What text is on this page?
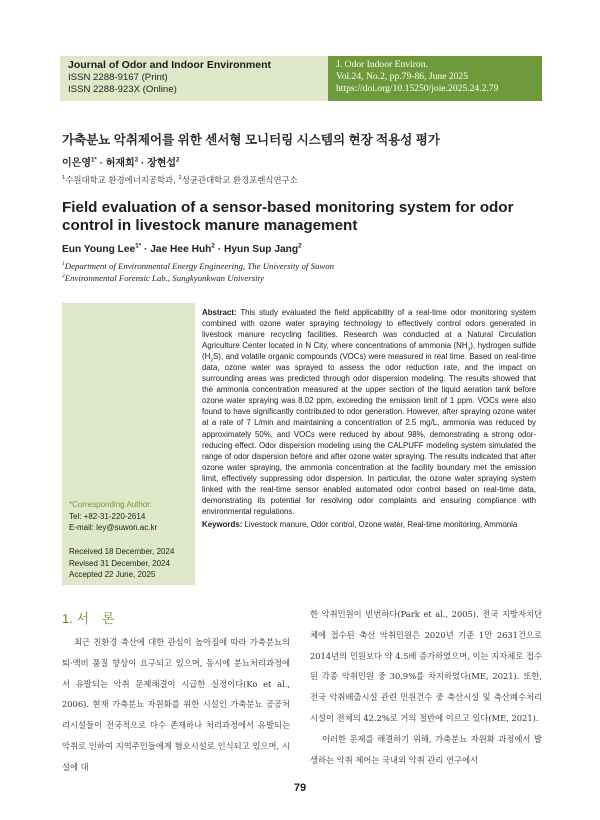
Journal of Odor and Indoor Environment
ISSN 2288-9167 (Print)
ISSN 2288-923X (Online)
J. Odor Indoor Environ.
Vol.24, No.2, pp.79-86, June 2025
https://doi.org/10.15250/joie.2025.24.2.79
가축분뇨 악취제어를 위한 센서형 모니터링 시스템의 현장 적용성 평가
이은영$^{1*}$ · 허재희$^2$ · 장현섭$^2$
$^1$수원대학교 환경에너지공학과, $^2$성균관대학교 환경포렌식연구소
Field evaluation of a sensor-based monitoring system for odor control in livestock manure management
Eun Young Lee$^{1*}$ · Jae Hee Huh$^2$ · Hyun Sup Jang$^2$
$^1$Department of Environmental Energy Engineering, The University of Suwon
$^2$Environmental Forensic Lab., Sungkyunkwan University
*Corresponding Author:
Tel: +82-31-220-2614
E-mail: ley@suwon.ac.kr
Received 18 December, 2024
Revised 31 December, 2024
Accepted 22 June, 2025
Abstract: This study evaluated the field applicability of a real-time odor monitoring system combined with ozone water spraying technology to effectively control odors generated in livestock manure recycling facilities. Research was conducted at a Natural Circulation Agriculture Center located in N City, where concentrations of ammonia $(NH_3)$, hydrogen sulfide $(H_2S)$, and volatile organic compounds (VOCs) were measured in real time. Based on real-time data, ozone water was sprayed to assess the odor reduction rate, and the impact on surrounding areas was predicted through odor dispersion modeling. The results showed that the ammonia concentration measured at the upper section of the liquid aeration tank before ozone water spraying was 8.02 ppm, exceeding the emission limit of 1 ppm. VOCs were also found to have significantly contributed to odor generation. However, after spraying ozone water at a rate of 7 L/min and maintaining a concentration of 2.5 mg/L, ammonia was reduced by approximately 50%, and VOCs were reduced by about 98%, demonstrating a strong odor-reducing effect. Odor dispersion modeling using the CALPUFF modeling system simulated the range of odor dispersion before and after ozone water spraying. The results indicated that after ozone water spraying, the ammonia concentration at the facility boundary met the emission limit, effectively suppressing odor dispersion. In particular, the ozone water spraying system linked with the real-time sensor enabled automated odor control based on real-time data, demonstrating its potential for resolving odor complaints and ensuring compliance with environmental regulations.
Keywords: Livestock manure, Odor control, Ozone water, Real-time monitoring, Ammonia
1. 서　론

최근 친환경 축산에 대한 관심이 높아짐에 따라 가축분뇨의 퇴·액비 품질 향상이 요구되고 있으며, 동시에 분뇨처리과정에서 유발되는 악취 문제해결이 시급한 실정이다(Ko et al., 2006). 현재 가축분뇨 자원화를 위한 시설인 가축분뇨 공공처리시설들이 전국적으로 다수 존재하나 처리과정에서 유발되는 악취로 인하여 지역주민들에게 혐오시설로 인식되고 있으며, 시설에 대

한 악취민원이 빈번하다(Park et al., 2005). 전국 지방자치단체에 접수된 축산 악취민원은 2020년 기준 1만 2631건으로 2014년의 민원보다 약 4.5배 증가하였으며, 이는 지자체로 접수된 각종 악취민원 중 30.9%를 차지하였다(ME, 2021). 또한, 전국 악취배출시설 관련 민원건수 중 축산시설 및 축산폐수처리시설이 전체의 42.2%로 거의 절반에 이르고 있다(ME, 2021).

이러한 문제를 해결하기 위해, 가축분뇨 자원화 과정에서 발생하는 악취 제어는 국내외 악취 관리 연구에서

79
